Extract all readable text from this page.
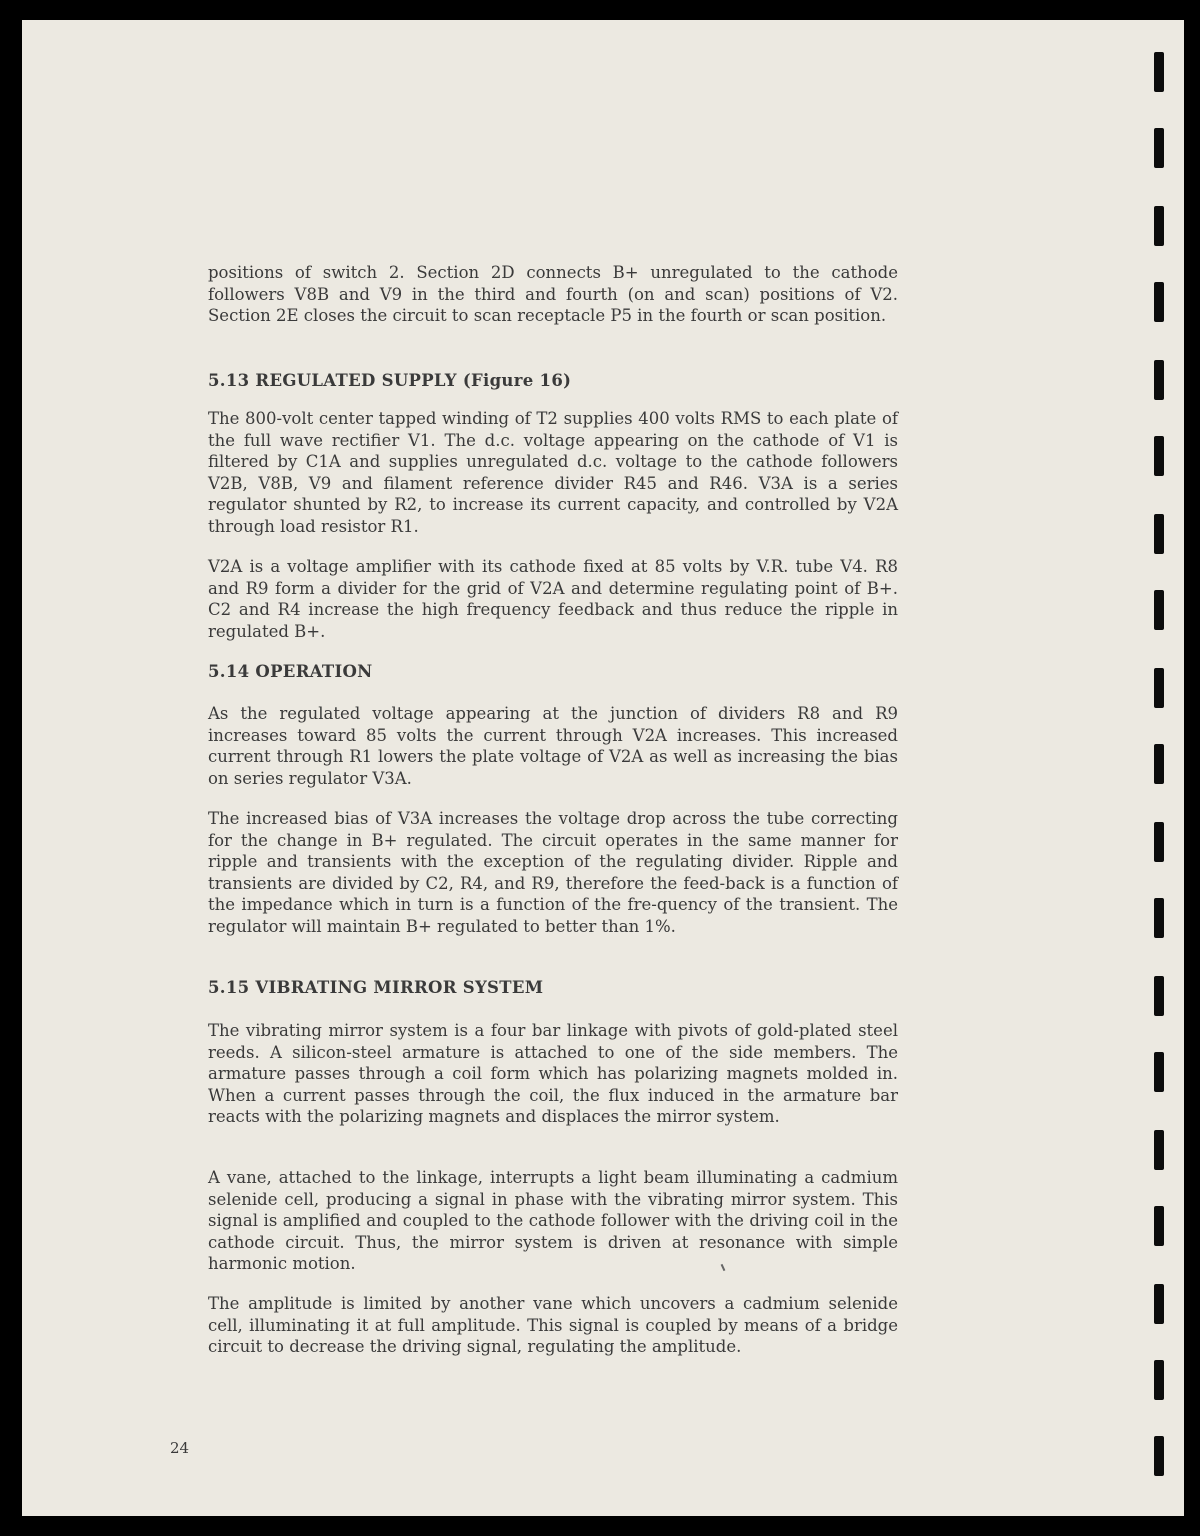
positions of switch 2. Section 2D connects B+ unregulated to the cathode followers V8B and V9 in the third and fourth (on and scan) positions of V2. Section 2E closes the circuit to scan receptacle P5 in the fourth or scan position.

5.13 REGULATED SUPPLY (Figure 16)

The 800-volt center tapped winding of T2 supplies 400 volts RMS to each plate of the full wave rectifier V1. The d.c. voltage appearing on the cathode of V1 is filtered by C1A and supplies unregulated d.c. voltage to the cathode followers V2B, V8B, V9 and filament reference divider R45 and R46. V3A is a series regulator shunted by R2, to increase its current capacity, and controlled by V2A through load resistor R1.

V2A is a voltage amplifier with its cathode fixed at 85 volts by V.R. tube V4. R8 and R9 form a divider for the grid of V2A and determine regulating point of B+. C2 and R4 increase the high frequency feedback and thus reduce the ripple in regulated B+.

5.14 OPERATION

As the regulated voltage appearing at the junction of dividers R8 and R9 increases toward 85 volts the current through V2A increases. This increased current through R1 lowers the plate voltage of V2A as well as increasing the bias on series regulator V3A.

The increased bias of V3A increases the voltage drop across the tube correcting for the change in B+ regulated. The circuit operates in the same manner for ripple and transients with the exception of the regulating divider. Ripple and transients are divided by C2, R4, and R9, therefore the feed-back is a function of the impedance which in turn is a function of the fre-quency of the transient. The regulator will maintain B+ regulated to better than 1%.

5.15 VIBRATING MIRROR SYSTEM

The vibrating mirror system is a four bar linkage with pivots of gold-plated steel reeds. A silicon-steel armature is attached to one of the side members. The armature passes through a coil form which has polarizing magnets molded in. When a current passes through the coil, the flux induced in the armature bar reacts with the polarizing magnets and displaces the mirror system.

A vane, attached to the linkage, interrupts a light beam illuminating a cadmium selenide cell, producing a signal in phase with the vibrating mirror system. This signal is amplified and coupled to the cathode follower with the driving coil in the cathode circuit. Thus, the mirror system is driven at resonance with simple harmonic motion.

The amplitude is limited by another vane which uncovers a cadmium selenide cell, illuminating it at full amplitude. This signal is coupled by means of a bridge circuit to decrease the driving signal, regulating the amplitude.

24
